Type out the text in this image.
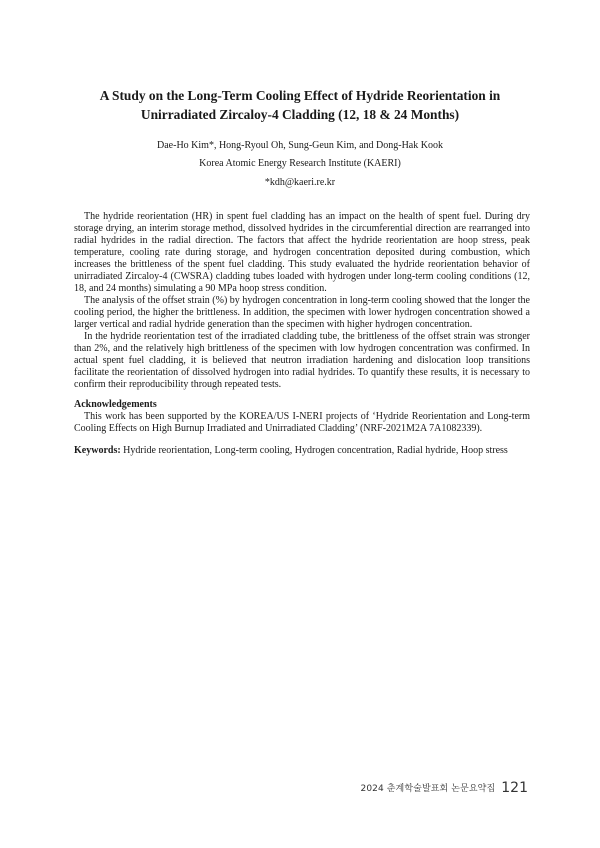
A Study on the Long-Term Cooling Effect of Hydride Reorientation in
Unirradiated Zircaloy-4 Cladding (12, 18 & 24 Months)
Dae-Ho Kim*, Hong-Ryoul Oh, Sung-Geun Kim, and Dong-Hak Kook
Korea Atomic Energy Research Institute (KAERI)
*kdh@kaeri.re.kr

The hydride reorientation (HR) in spent fuel cladding has an impact on the health of spent fuel. During dry storage drying, an interim storage method, dissolved hydrides in the circumferential direction are rearranged into radial hydrides in the radial direction. The factors that affect the hydride reorientation are hoop stress, peak temperature, cooling rate during storage, and hydrogen concentration deposited during combustion, which increases the brittleness of the spent fuel cladding. This study evaluated the hydride reorientation behavior of unirradiated Zircaloy-4 (CWSRA) cladding tubes loaded with hydrogen under long-term cooling conditions (12, 18, and 24 months) simulating a 90 MPa hoop stress condition.

The analysis of the offset strain (%) by hydrogen concentration in long-term cooling showed that the longer the cooling period, the higher the brittleness. In addition, the specimen with lower hydrogen concentration showed a larger vertical and radial hydride generation than the specimen with higher hydrogen concentration.

In the hydride reorientation test of the irradiated cladding tube, the brittleness of the offset strain was stronger than 2%, and the relatively high brittleness of the specimen with low hydrogen concentration was confirmed. In actual spent fuel cladding, it is believed that neutron irradiation hardening and dislocation loop transitions facilitate the reorientation of dissolved hydrogen into radial hydrides. To quantify these results, it is necessary to confirm their reproducibility through repeated tests.

Acknowledgements

This work has been supported by the KOREA/US I-NERI projects of ‘Hydride Reorientation and Long-term Cooling Effects on High Burnup Irradiated and Unirradiated Cladding’ (NRF-2021M2A 7A1082339).

Keywords: Hydride reorientation, Long-term cooling, Hydrogen concentration, Radial hydride, Hoop stress
2024 춘계학술발표회 논문요약집 121
